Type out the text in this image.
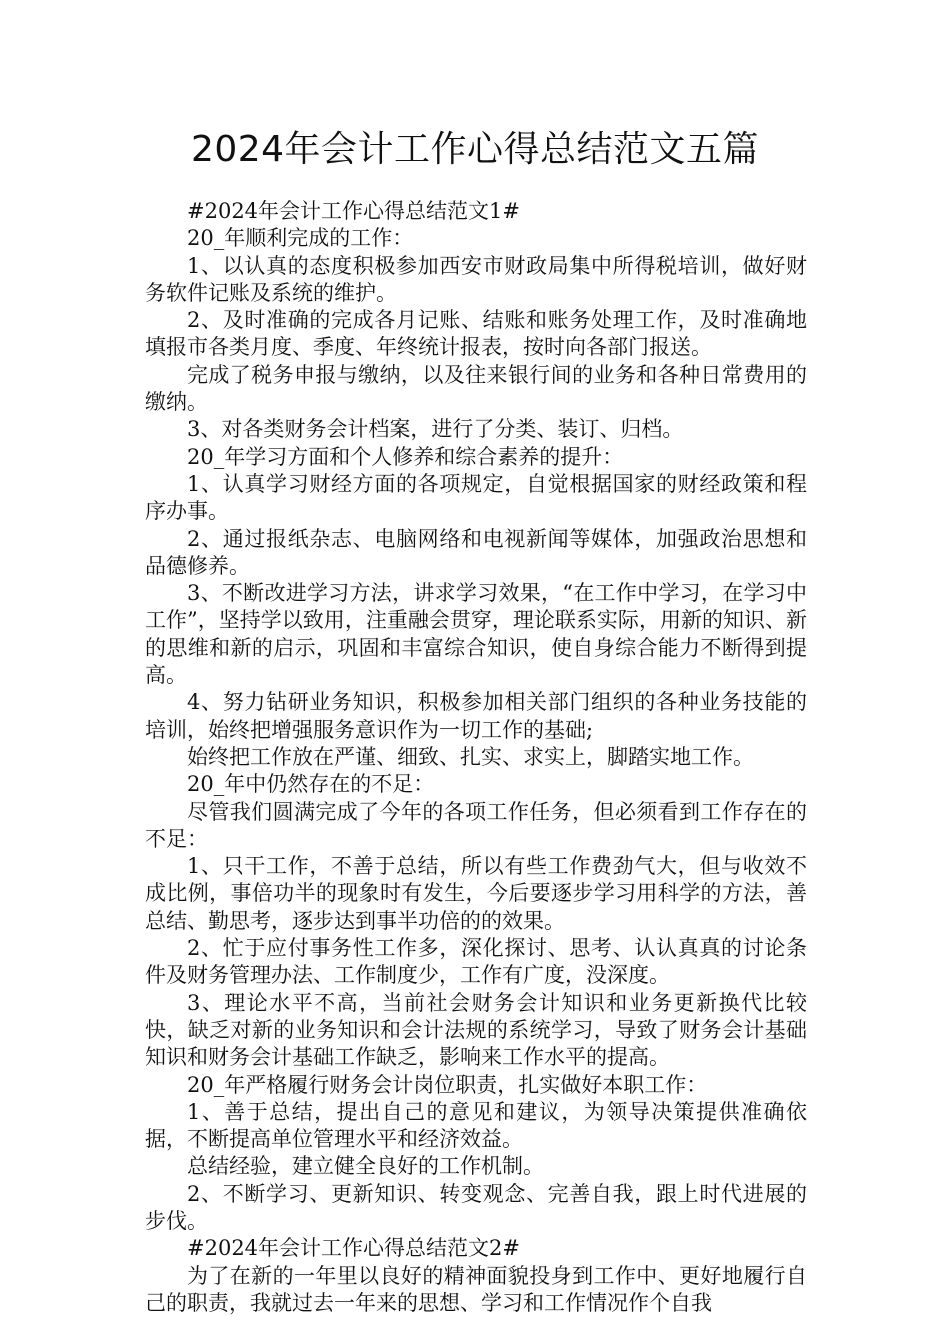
2024年会计工作心得总结范文五篇

#2024年会计工作心得总结范文1#

20_年顺利完成的工作：

1、以认真的态度积极参加西安市财政局集中所得税培训，做好财务软件记账及系统的维护。

2、及时准确的完成各月记账、结账和账务处理工作，及时准确地填报市各类月度、季度、年终统计报表，按时向各部门报送。

完成了税务申报与缴纳，以及往来银行间的业务和各种日常费用的缴纳。

3、对各类财务会计档案，进行了分类、装订、归档。

20_年学习方面和个人修养和综合素养的提升：

1、认真学习财经方面的各项规定，自觉根据国家的财经政策和程序办事。

2、通过报纸杂志、电脑网络和电视新闻等媒体，加强政治思想和品德修养。

3、不断改进学习方法，讲求学习效果，“在工作中学习，在学习中工作”，坚持学以致用，注重融会贯穿，理论联系实际，用新的知识、新的思维和新的启示，巩固和丰富综合知识，使自身综合能力不断得到提高。

4、努力钻研业务知识，积极参加相关部门组织的各种业务技能的培训，始终把增强服务意识作为一切工作的基础;

始终把工作放在严谨、细致、扎实、求实上，脚踏实地工作。

20_年中仍然存在的不足：

尽管我们圆满完成了今年的各项工作任务，但必须看到工作存在的不足：

1、只干工作，不善于总结，所以有些工作费劲气大，但与收效不成比例，事倍功半的现象时有发生，今后要逐步学习用科学的方法，善总结、勤思考，逐步达到事半功倍的的效果。

2、忙于应付事务性工作多，深化探讨、思考、认认真真的讨论条件及财务管理办法、工作制度少，工作有广度，没深度。

3、理论水平不高，当前社会财务会计知识和业务更新换代比较快，缺乏对新的业务知识和会计法规的系统学习，导致了财务会计基础知识和财务会计基础工作缺乏，影响来工作水平的提高。

20_年严格履行财务会计岗位职责，扎实做好本职工作：

1、善于总结，提出自己的意见和建议，为领导决策提供准确依据，不断提高单位管理水平和经济效益。

总结经验，建立健全良好的工作机制。

2、不断学习、更新知识、转变观念、完善自我，跟上时代进展的步伐。

#2024年会计工作心得总结范文2#

为了在新的一年里以良好的精神面貌投身到工作中、更好地履行自己的职责，我就过去一年来的思想、学习和工作情况作个自我
